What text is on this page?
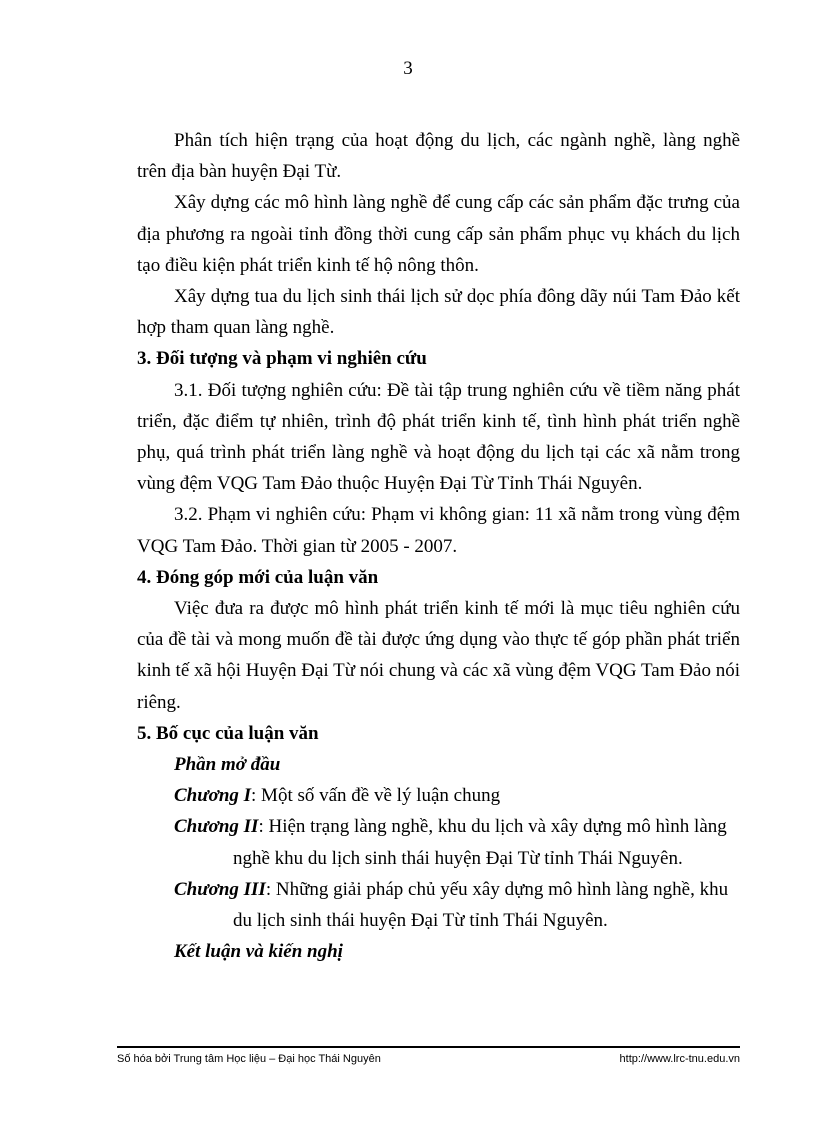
3

Phân tích hiện trạng của hoạt động du lịch, các ngành nghề, làng nghề trên địa bàn huyện Đại Từ.

Xây dựng các mô hình làng nghề để cung cấp các sản phẩm đặc trưng của địa phương ra ngoài tỉnh đồng thời cung cấp sản phẩm phục vụ khách du lịch tạo điều kiện phát triển kinh tế hộ nông thôn.

Xây dựng tua du lịch sinh thái lịch sử dọc phía đông dãy núi Tam Đảo kết hợp tham quan làng nghề.

3. Đối tượng và phạm vi nghiên cứu

3.1. Đối tượng nghiên cứu: Đề tài tập trung nghiên cứu về tiềm năng phát triển, đặc điểm tự nhiên, trình độ phát triển kinh tế, tình hình phát triển nghề phụ, quá trình phát triển làng nghề và hoạt động du lịch tại các xã nằm trong vùng đệm VQG Tam Đảo thuộc Huyện Đại Từ Tỉnh Thái Nguyên.

3.2. Phạm vi nghiên cứu: Phạm vi không gian: 11 xã nằm trong vùng đệm VQG Tam Đảo. Thời gian từ 2005 - 2007.

4. Đóng góp mới của luận văn

Việc đưa ra được mô hình phát triển kinh tế mới là mục tiêu nghiên cứu của đề tài và mong muốn đề tài được ứng dụng vào thực tế góp phần phát triển kinh tế xã hội Huyện Đại Từ nói chung và các xã vùng đệm VQG Tam Đảo nói riêng.

5. Bố cục của luận văn

Phần mở đầu

Chương I: Một số vấn đề về lý luận chung

Chương II: Hiện trạng làng nghề, khu du lịch và xây dựng mô hình làng
nghề khu du lịch sinh thái huyện Đại Từ tỉnh Thái Nguyên.

Chương III: Những giải pháp chủ yếu xây dựng mô hình làng nghề, khu
du lịch sinh thái huyện Đại Từ tỉnh Thái Nguyên.

Kết luận và kiến nghị

Số hóa bởi Trung tâm Học liệu – Đại học Thái Nguyên	http://www.lrc-tnu.edu.vn
